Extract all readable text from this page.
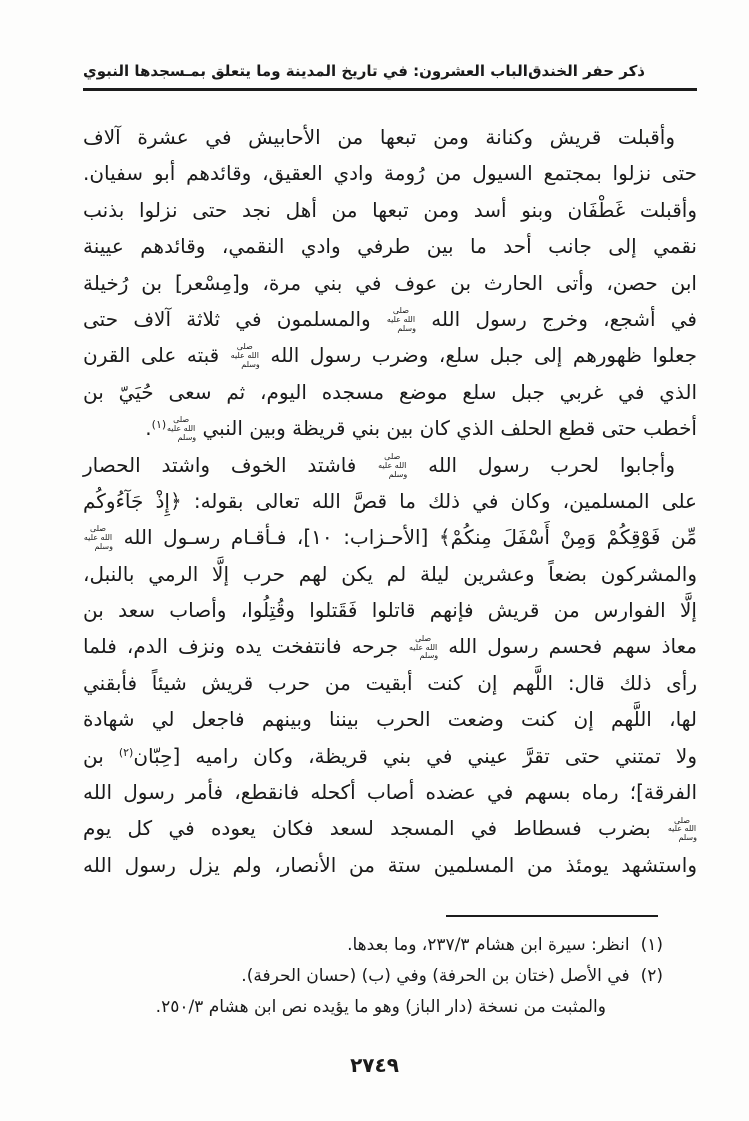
ذكر حفر الخندق
الباب العشرون: في تاريخ المدينة وما يتعلق بمـسجدها النبوي
وأقبلت قريش وكنانة ومن تبعها من الأحابيش في عشرة آلاف
حتى نزلوا بمجتمع السيول من رُومة وادي العقيق، وقائدهم أبو سفيان.
وأقبلت غَطْفَان وبنو أسد ومن تبعها من أهل نجد حتى نزلوا بذنب
نقمي إلى جانب أحد ما بين طرفي وادي النقمي، وقائدهم عيينة
ابن حصن، وأتى الحارث بن عوف في بني مرة، و[مِسْعر] بن رُخيلة
في أشجع، وخرج رسول الله صلى الله عليه وسلم والمسلمون في ثلاثة آلاف حتى
جعلوا ظهورهم إلى جبل سلع، وضرب رسول الله صلى الله عليه وسلم قبته على القرن
الذي في غربي جبل سلع موضع مسجده اليوم، ثم سعى حُيَيّ بن
أخطب حتى قطع الحلف الذي كان بين بني قريظة وبين النبي صلى الله عليه وسلم$^{(١)}$.
وأجابوا لحرب رسول الله صلى الله عليه وسلم فاشتد الخوف واشتد الحصار
على المسلمين، وكان في ذلك ما قصَّ الله تعالى بقوله: ﴿إِذْ جَآءُوكُم
مِّن فَوْقِكُمْ وَمِنْ أَسْفَلَ مِنكُمْ﴾ [الأحـزاب: ١٠]، فـأقـام رسـول الله صلى الله عليه وسلم
والمشركون بضعاً وعشرين ليلة لم يكن لهم حرب إلَّا الرمي بالنبل،
إلَّا الفوارس من قريش فإنهم قاتلوا فَقَتلوا وقُتِلُوا، وأصاب سعد بن
معاذ سهم فحسم رسول الله صلى الله عليه وسلم جرحه فانتفخت يده ونزف الدم، فلما
رأى ذلك قال: اللَّهم إن كنت أبقيت من حرب قريش شيئاً فأبقني
لها، اللَّهم إن كنت وضعت الحرب بيننا وبينهم فاجعل لي شهادة
ولا تمتني حتى تقرَّ عيني في بني قريظة، وكان راميه [حِبّان$^{(٢)}$ بن
الفرقة]؛ رماه بسهم في عضده أصاب أكحله فانقطع، فأمر رسول الله
صلى الله عليه وسلم بضرب فسطاط في المسجد لسعد فكان يعوده في كل يوم
واستشهد يومئذ من المسلمين ستة من الأنصار، ولم يزل رسول الله
(١)
انظر: سيرة ابن هشام ٢٣٧/٣، وما بعدها.
(٢)
في الأصل (ختان بن الحرفة) وفي (ب) (حسان الحرفة).
والمثبت من نسخة (دار الباز) وهو ما يؤيده نص ابن هشام ٢٥٠/٣.
٢٧٤٩
